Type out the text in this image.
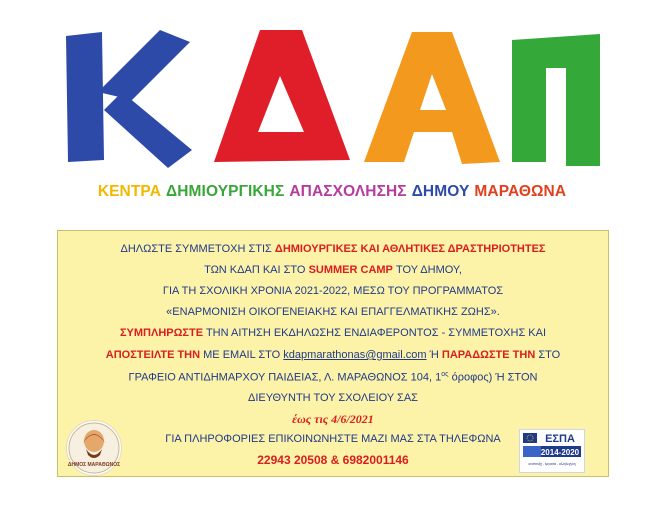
ΚΕΝΤΡΑ ΔΗΜΙΟΥΡΓΙΚΗΣ ΑΠΑΣΧΟΛΗΣΗΣ ΔΗΜΟΥ ΜΑΡΑΘΩΝΑ
ΔΗΛΩΣΤΕ ΣΥΜΜΕΤΟΧΗ ΣΤΙΣ ΔΗΜΙΟΥΡΓΙΚΕΣ ΚΑΙ ΑΘΛΗΤΙΚΕΣ ΔΡΑΣΤΗΡΙΟΤΗΤΕΣ
ΤΩΝ ΚΔΑΠ ΚΑΙ ΣΤΟ SUMMER CAMP ΤΟΥ ΔΗΜΟΥ,
ΓΙΑ ΤΗ ΣΧΟΛΙΚΗ ΧΡΟΝΙΑ 2021-2022, ΜΕΣΩ ΤΟΥ ΠΡΟΓΡΑΜΜΑΤΟΣ
«ΕΝΑΡΜΟΝΙΣΗ ΟΙΚΟΓΕΝΕΙΑΚΗΣ ΚΑΙ ΕΠΑΓΓΕΛΜΑΤΙΚΗΣ ΖΩΗΣ».
ΣΥΜΠΛΗΡΩΣΤΕ ΤΗΝ ΑΙΤΗΣΗ ΕΚΔΗΛΩΣΗΣ ΕΝΔΙΑΦΕΡΟΝΤΟΣ - ΣΥΜΜΕΤΟΧΗΣ ΚΑΙ
ΑΠΟΣΤΕΙΛΤΕ ΤΗΝ ΜΕ EMAIL ΣΤΟ kdapmarathonas@gmail.com Ή ΠΑΡΑΔΩΣΤΕ ΤΗΝ ΣΤΟ
ΓΡΑΦΕΙΟ ΑΝΤΙΔΗΜΑΡΧΟΥ ΠΑΙΔΕΙΑΣ, Λ. ΜΑΡΑΘΩΝΟΣ 104, $1^{o\varsigma}$ όροφος) Ή ΣΤΟΝ
ΔΙΕΥΘΥΝΤΗ ΤΟΥ ΣΧΟΛΕΙΟΥ ΣΑΣ
έως τις 4/6/2021
ΓΙΑ ΠΛΗΡΟΦΟΡΙΕΣ ΕΠΙΚΟΙΝΩΝΗΣΤΕ ΜΑΖΙ ΜΑΣ ΣΤΑ ΤΗΛΕΦΩΝΑ
22943 20508 & 6982001146
ΔΗΜΟΣ ΜΑΡΑΘΩΝΟΣ
ΕΣΠΑ
2014-2020
ανάπτυξη - εργασία - αλληλεγγύη
